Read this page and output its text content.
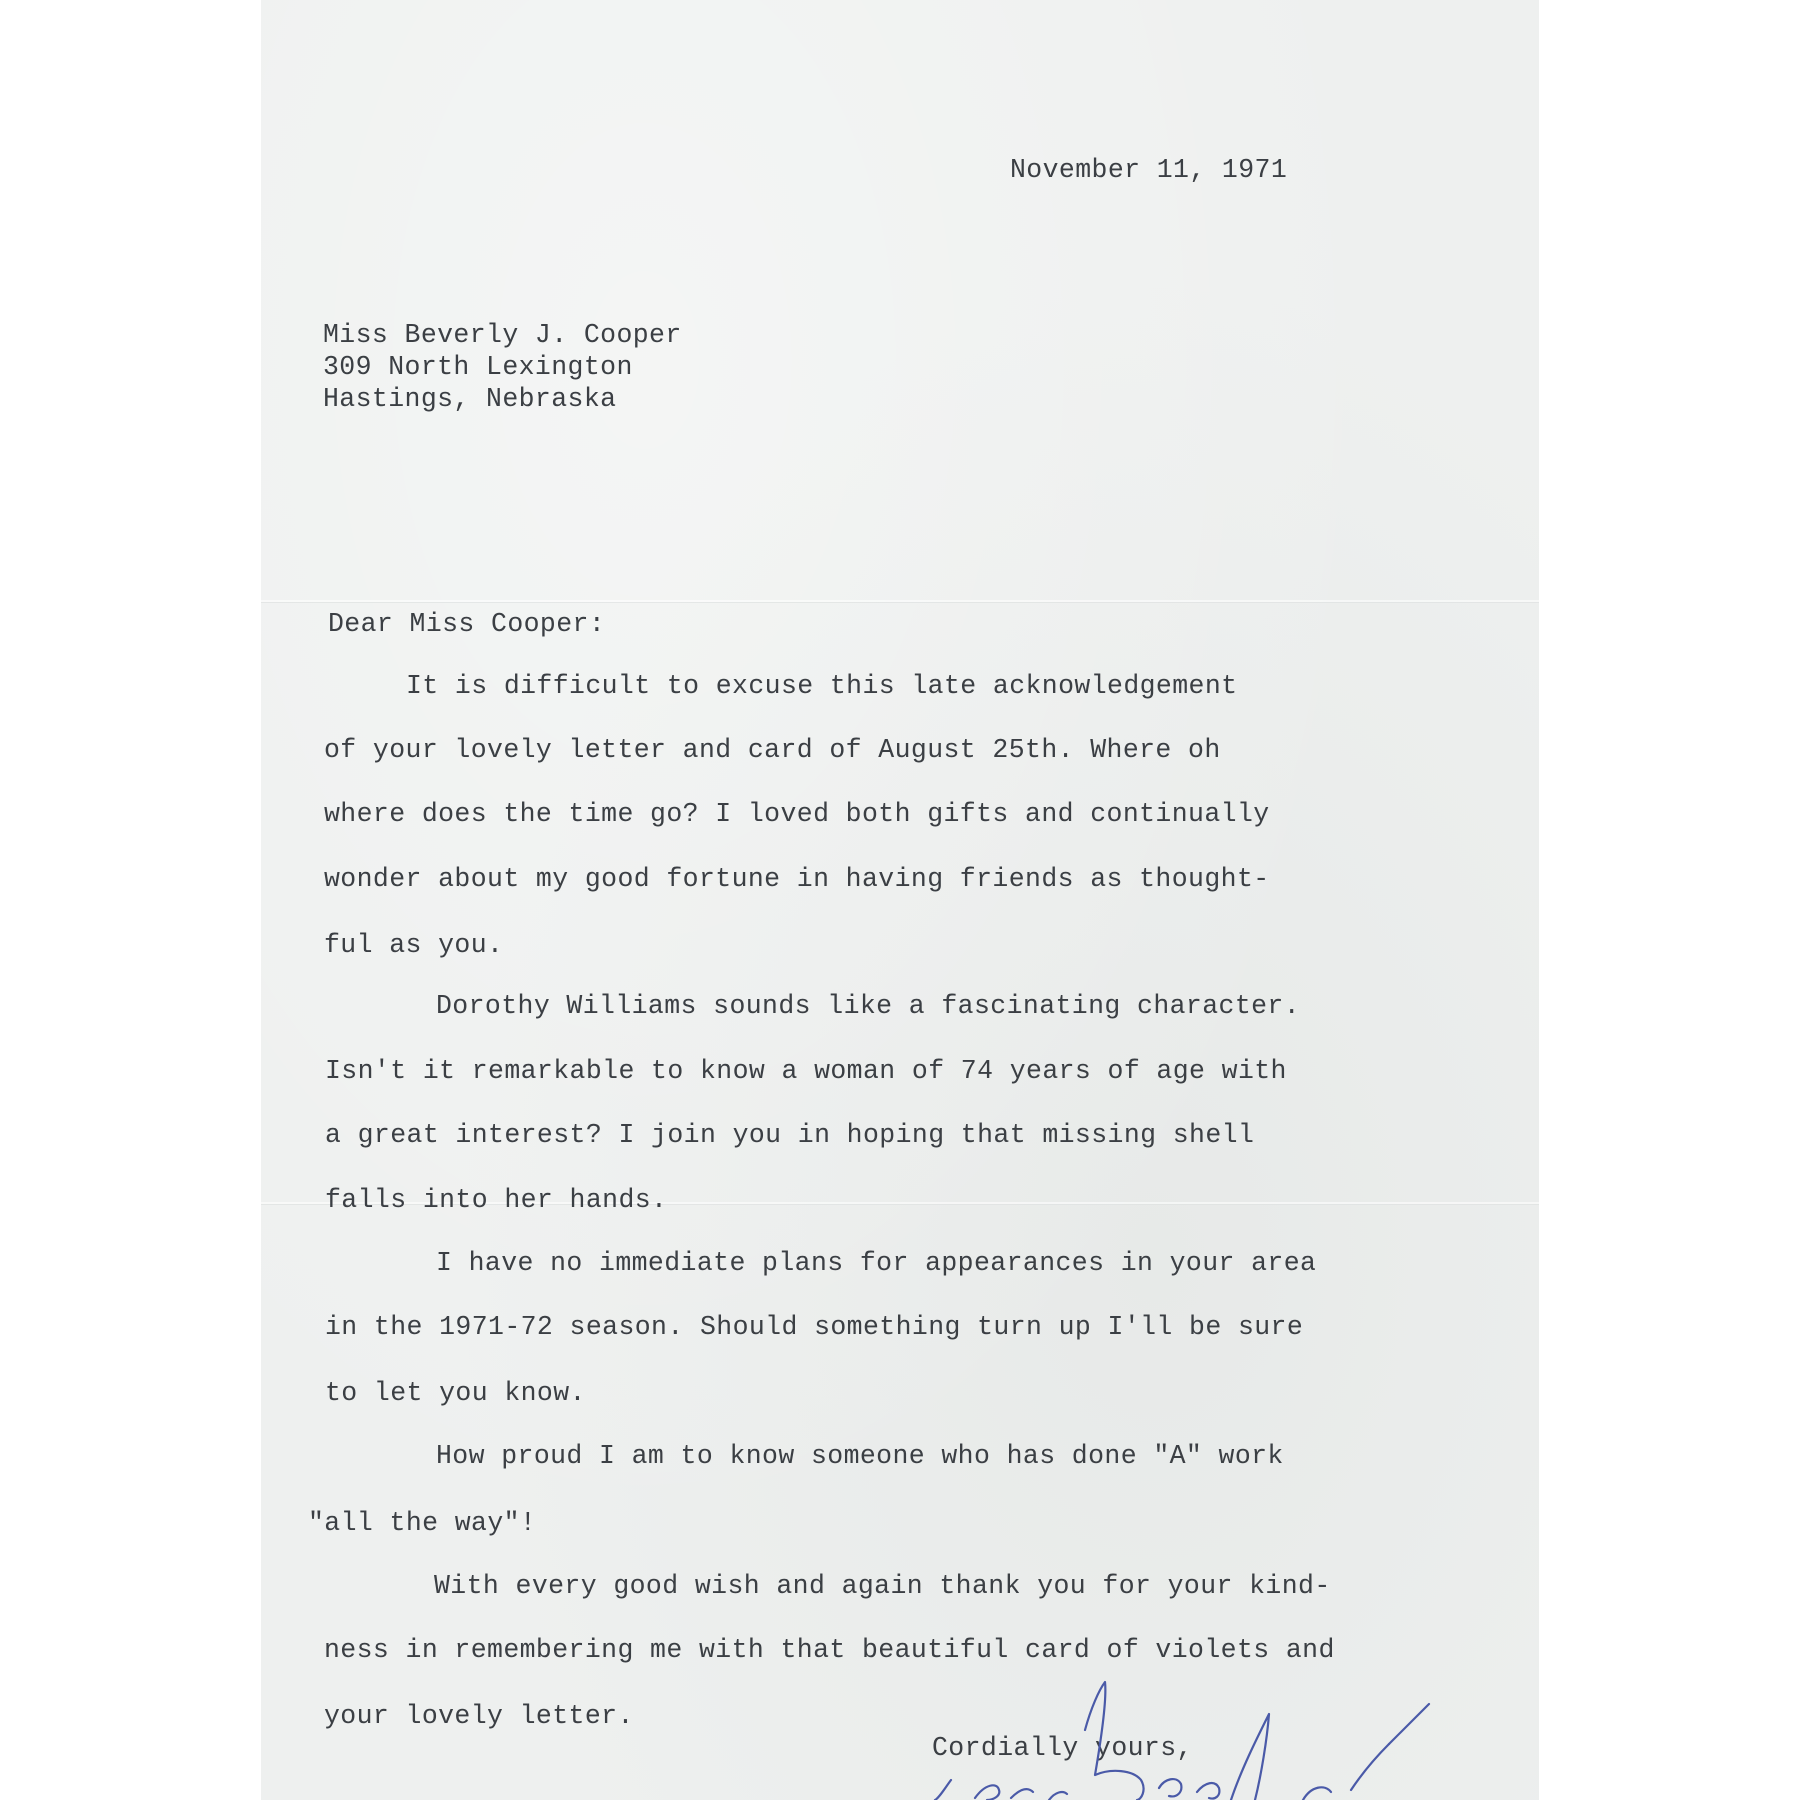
November 11, 1971
Miss Beverly J. Cooper
309 North Lexington
Hastings, Nebraska
Dear Miss Cooper:
It is difficult to excuse this late acknowledgement
of your lovely letter and card of August 25th. Where oh
where does the time go? I loved both gifts and continually
wonder about my good fortune in having friends as thought-
ful as you.
Dorothy Williams sounds like a fascinating character.
Isn't it remarkable to know a woman of 74 years of age with
a great interest? I join you in hoping that missing shell
falls into her hands.
I have no immediate plans for appearances in your area
in the 1971-72 season. Should something turn up I'll be sure
to let you know.
How proud I am to know someone who has done "A" work
"all the way"!
With every good wish and again thank you for your kind-
ness in remembering me with that beautiful card of violets and
your lovely letter.
Cordially yours,
